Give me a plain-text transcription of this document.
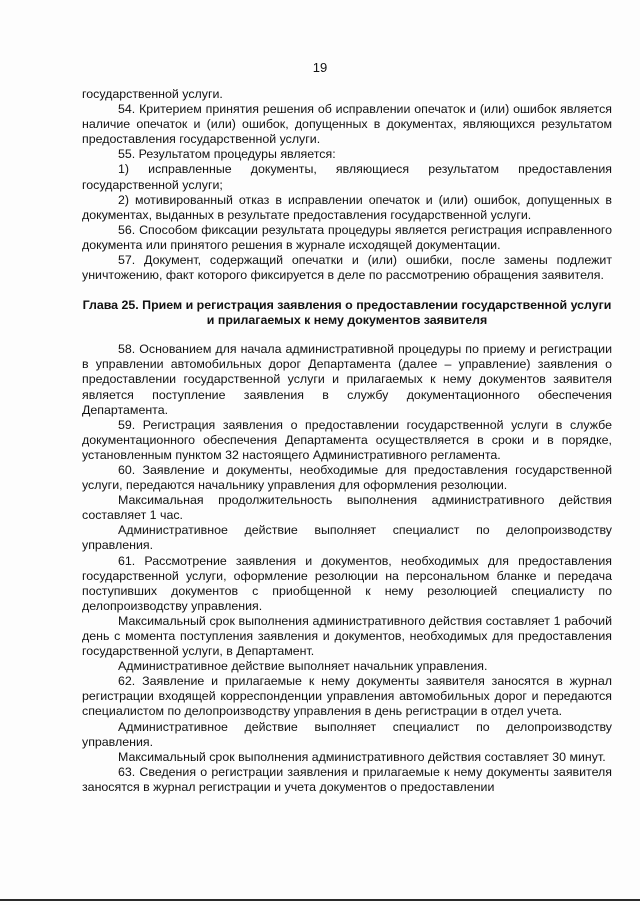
19

государственной услуги.

54. Критерием принятия решения об исправлении опечаток и (или) ошибок является наличие опечаток и (или) ошибок, допущенных в документах, являющихся результатом предоставления государственной услуги.

55. Результатом процедуры является:

1) исправленные документы, являющиеся результатом предоставления государственной услуги;

2) мотивированный отказ в исправлении опечаток и (или) ошибок, допущенных в документах, выданных в результате предоставления государственной услуги.

56. Способом фиксации результата процедуры является регистрация исправленного документа или принятого решения в журнале исходящей документации.

57. Документ, содержащий опечатки и (или) ошибки, после замены подлежит уничтожению, факт которого фиксируется в деле по рассмотрению обращения заявителя.

Глава 25. Прием и регистрация заявления о предоставлении государственной услуги и прилагаемых к нему документов заявителя

58. Основанием для начала административной процедуры по приему и регистрации в управлении автомобильных дорог Департамента (далее – управление) заявления о предоставлении государственной услуги и прилагаемых к нему документов заявителя является поступление заявления в службу документационного обеспечения Департамента.

59. Регистрация заявления о предоставлении государственной услуги в службе документационного обеспечения Департамента осуществляется в сроки и в порядке, установленным пунктом 32 настоящего Административного регламента.

60. Заявление и документы, необходимые для предоставления государственной услуги, передаются начальнику управления для оформления резолюции.

Максимальная продолжительность выполнения административного действия составляет 1 час.

Административное действие выполняет специалист по делопроизводству управления.

61. Рассмотрение заявления и документов, необходимых для предоставления государственной услуги, оформление резолюции на персональном бланке и передача поступивших документов с приобщенной к нему резолюцией специалисту по делопроизводству управления.

Максимальный срок выполнения административного действия составляет 1 рабочий день с момента поступления заявления и документов, необходимых для предоставления государственной услуги, в Департамент.

Административное действие выполняет начальник управления.

62. Заявление и прилагаемые к нему документы заявителя заносятся в журнал регистрации входящей корреспонденции управления автомобильных дорог и передаются специалистом по делопроизводству управления в день регистрации в отдел учета.

Административное действие выполняет специалист по делопроизводству управления.

Максимальный срок выполнения административного действия составляет 30 минут.

63. Сведения о регистрации заявления и прилагаемые к нему документы заявителя заносятся в журнал регистрации и учета документов о предоставлении
